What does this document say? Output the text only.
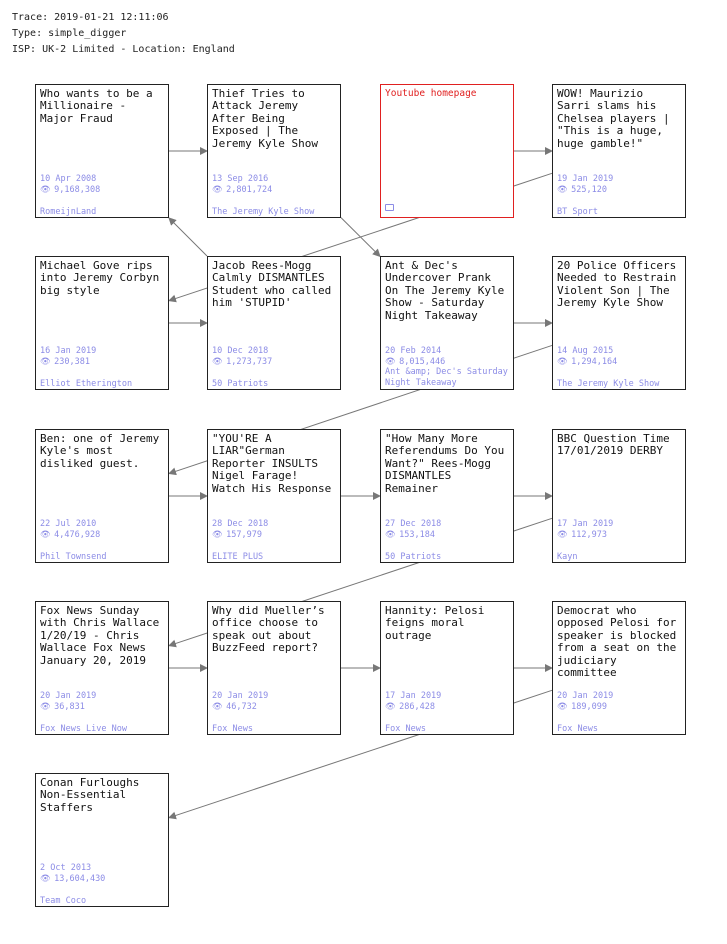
Trace: 2019-01-21 12:11:06
Type: simple_digger
ISP: UK-2 Limited - Location: England
Who wants to be a Millionaire - Major Fraud
10 Apr 2008
👁 9,168,308
RomeijnLand
Thief Tries to Attack Jeremy After Being Exposed | The Jeremy Kyle Show
13 Sep 2016
👁 2,801,724
The Jeremy Kyle Show
Youtube homepage	WOW! Maurizio Sarri slams his Chelsea players | "This is a huge, huge gamble!"
19 Jan 2019
👁 525,120
BT Sport
Michael Gove rips into Jeremy Corbyn big style
16 Jan 2019
👁 230,381
Elliot Etherington
Jacob Rees-Mogg Calmly DISMANTLES Student who called him 'STUPID'
10 Dec 2018
👁 1,273,737
50 Patriots
Ant & Dec's Undercover Prank On The Jeremy Kyle Show - Saturday Night Takeaway
20 Feb 2014
👁 8,015,446
Ant &amp; Dec's Saturday Night Takeaway
20 Police Officers Needed to Restrain Violent Son | The Jeremy Kyle Show
14 Aug 2015
👁 1,294,164
The Jeremy Kyle Show
Ben: one of Jeremy Kyle's most disliked guest.
22 Jul 2010
👁 4,476,928
Phil Townsend
"YOU'RE A LIAR"German Reporter INSULTS Nigel Farage! Watch His Response
28 Dec 2018
👁 157,979
ELITE PLUS
"How Many More Referendums Do You Want?" Rees-Mogg DISMANTLES Remainer
27 Dec 2018
👁 153,184
50 Patriots
BBC Question Time 17/01/2019 DERBY
17 Jan 2019
👁 112,973
Kayn
Fox News Sunday with Chris Wallace 1/20/19 - Chris Wallace Fox News January 20, 2019
20 Jan 2019
👁 36,831
Fox News Live Now
Why did Mueller’s office choose to speak out about BuzzFeed report?
20 Jan 2019
👁 46,732
Fox News
Hannity: Pelosi feigns moral outrage
17 Jan 2019
👁 286,428
Fox News
Democrat who opposed Pelosi for speaker is blocked from a seat on the judiciary committee
20 Jan 2019
👁 189,099
Fox News
Conan Furloughs Non-Essential Staffers
2 Oct 2013
👁 13,604,430
Team Coco
